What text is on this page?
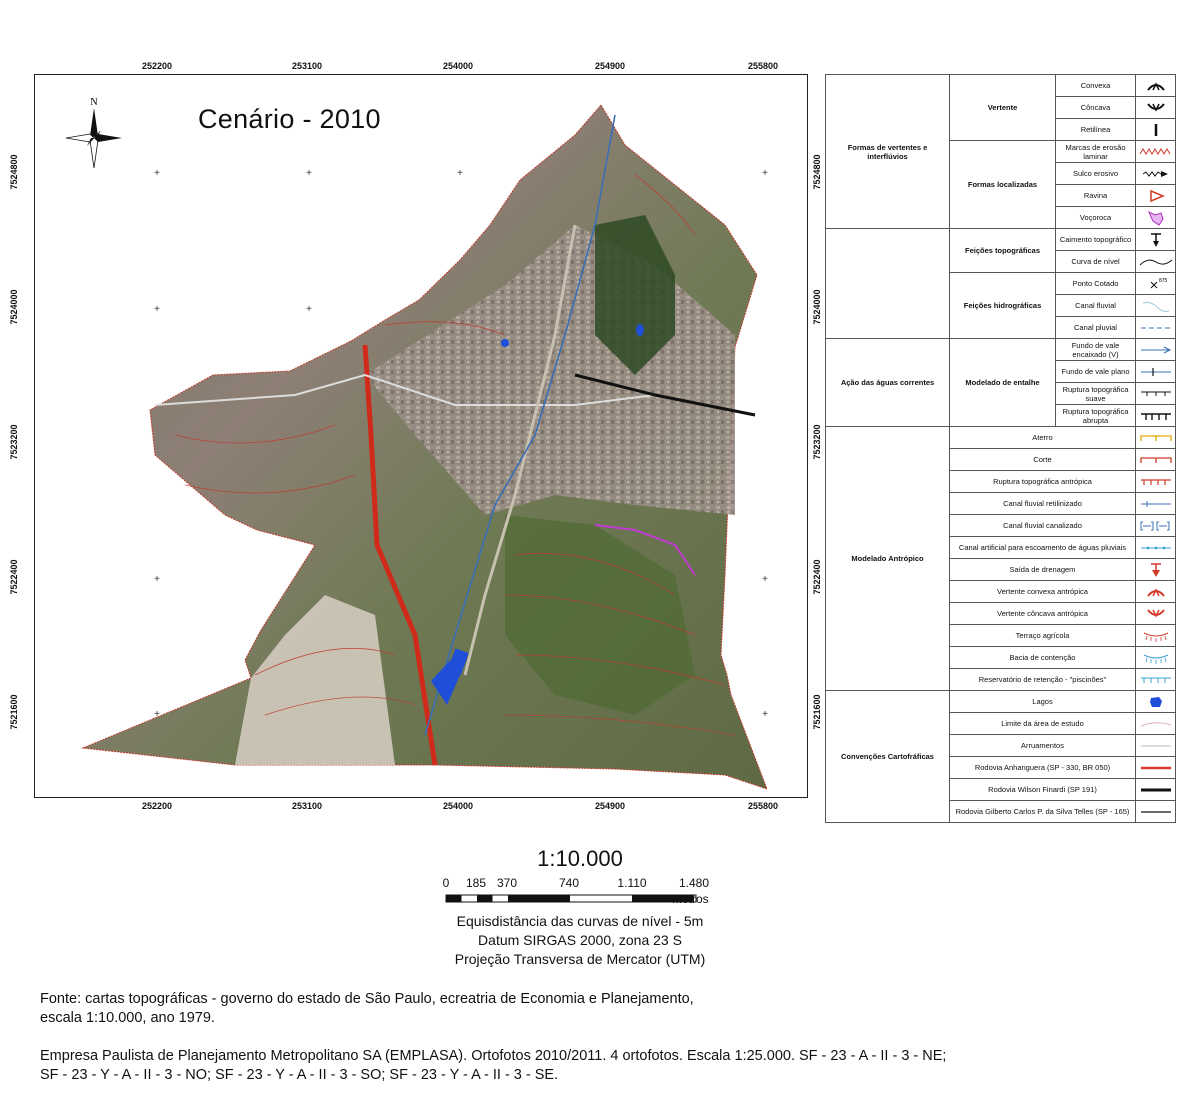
+	+	+	+
+	+
+	+
+	+
N
Cenário - 2010
252200	253100	254000	254900	255800
252200	253100	254000	254900	255800
7524800
7524000
7523200
7522400
7521600
7524800
7524000
7523200
7522400
7521600
Formas de vertentes e interflúvios	Vertente	Convexa	

		Côncava	

		Retilínea	

	Formas localizadas	Marcas de erosão laminar	

		Sulco erosivo	

		Ravina	

		Voçoroca	

	Feições topográficas	Caimento topográfico	

		Curva de nível	

	Feições hidrográficas	Ponto Cotado	875

		Canal fluvial	

		Canal pluvial	

Ação das águas correntes	Modelado de entalhe	Fundo de vale encaixado (V)	

		Fundo de vale plano	

		Ruptura topográfica suave	

		Ruptura topográfica abrupta	

Modelado Antrópico	Aterro	

	Corte	

	Ruptura topográfica antrópica	

	Canal fluvial retilinizado	

	Canal fluvial canalizado	

	Canal artificial para escoamento de águas pluviais	

	Saída de drenagem	

	Vertente convexa antrópica	

	Vertente côncava antrópica	

	Terraço agrícola	

	Bacia de contenção	

	Reservatório de retenção - "piscinões"	

Convenções Cartofráficas	Lagos	

	Limite da área de estudo	

	Arruamentos	

	Rodovia Anhanguera (SP - 330, BR 050)	

	Rodovia Wilson Finardi (SP 191)	

	Rodovia Gilberto Carlos P. da Silva Telles (SP - 165)	
1:10.000
0 185 370	740	1.110	1.480
Metros
Equisdistância das curvas de nível - 5m
Datum SIRGAS 2000, zona 23 S
Projeção Transversa de Mercator (UTM)
Fonte: cartas topográficas - governo do estado de São Paulo, ecreatria de Economia e Planejamento,
escala 1:10.000, ano 1979.
Empresa Paulista de Planejamento Metropolitano SA (EMPLASA). Ortofotos 2010/2011. 4 ortofotos. Escala 1:25.000. SF - 23 - A - II - 3 - NE;
SF - 23 - Y - A - II - 3 - NO; SF - 23 - Y - A - II - 3 - SO; SF - 23 - Y - A - II - 3 - SE.
